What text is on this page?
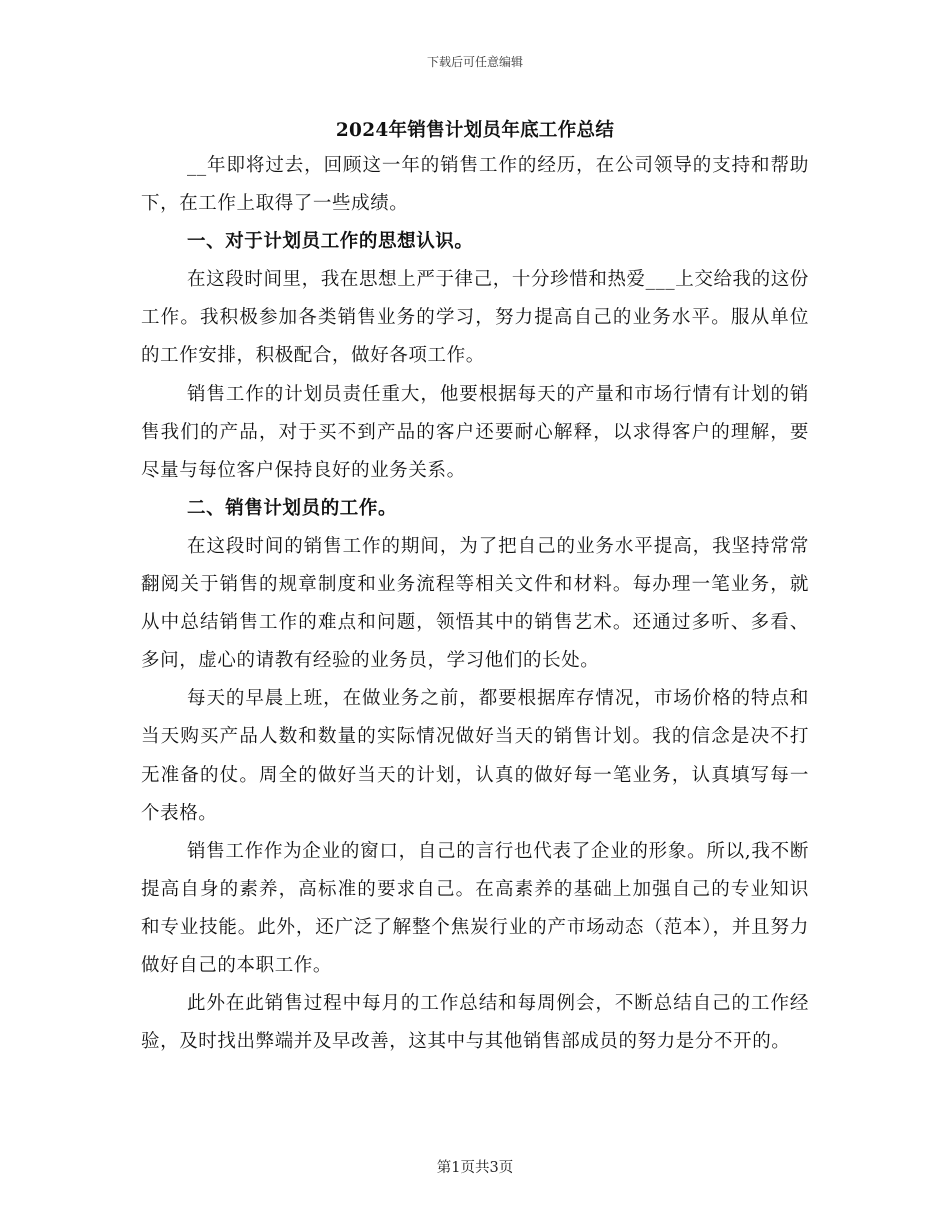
下载后可任意编辑
2024年销售计划员年底工作总结

__年即将过去，回顾这一年的销售工作的经历，在公司领导的支持和帮助下，在工作上取得了一些成绩。

一、对于计划员工作的思想认识。

在这段时间里，我在思想上严于律己，十分珍惜和热爱___上交给我的这份工作。我积极参加各类销售业务的学习，努力提高自己的业务水平。服从单位的工作安排，积极配合，做好各项工作。

销售工作的计划员责任重大，他要根据每天的产量和市场行情有计划的销售我们的产品，对于买不到产品的客户还要耐心解释，以求得客户的理解，要尽量与每位客户保持良好的业务关系。

二、销售计划员的工作。

在这段时间的销售工作的期间，为了把自己的业务水平提高，我坚持常常翻阅关于销售的规章制度和业务流程等相关文件和材料。每办理一笔业务，就从中总结销售工作的难点和问题，领悟其中的销售艺术。还通过多听、多看、多问，虚心的请教有经验的业务员，学习他们的长处。

每天的早晨上班，在做业务之前，都要根据库存情况，市场价格的特点和当天购买产品人数和数量的实际情况做好当天的销售计划。我的信念是决不打无准备的仗。周全的做好当天的计划，认真的做好每一笔业务，认真填写每一个表格。

销售工作作为企业的窗口，自己的言行也代表了企业的形象。所以,我不断提高自身的素养，高标准的要求自己。在高素养的基础上加强自己的专业知识和专业技能。此外，还广泛了解整个焦炭行业的产市场动态（范本），并且努力做好自己的本职工作。

此外在此销售过程中每月的工作总结和每周例会，不断总结自己的工作经验，及时找出弊端并及早改善，这其中与其他销售部成员的努力是分不开的。

第1页共3页
